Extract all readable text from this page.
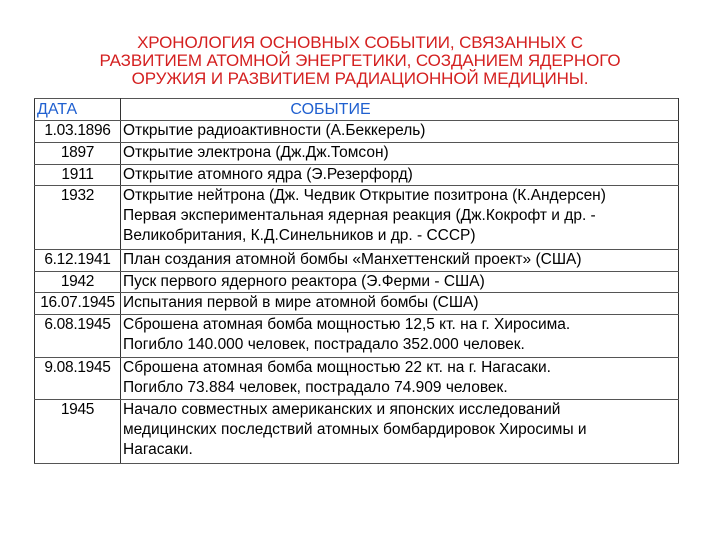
ХРОНОЛОГИЯ ОСНОВНЫХ СОБЫТИИ, СВЯЗАННЫХ С
РАЗВИТИЕМ АТОМНОЙ ЭНЕРГЕТИКИ, СОЗДАНИЕМ ЯДЕРНОГО
ОРУЖИЯ И РАЗВИТИЕМ РАДИАЦИОННОЙ МЕДИЦИНЫ.
ДАТА	СОБЫТИЕ
1.03.1896	Открытие радиоактивности (А.Беккерель)

1897	Открытие электрона (Дж.Дж.Томсон)

1911	Открытие атомного ядра (Э.Резерфорд)

1932	Открытие нейтрона (Дж. Чедвик Открытие позитрона (К.Андерсен)
Первая экспериментальная ядерная реакция (Дж.Кокрофт и др. -
Великобритания, К.Д.Синельников и др. - СССР)

6.12.1941	План создания атомной бомбы «Манхеттенский проект» (США)

1942	Пуск первого ядерного реактора (Э.Ферми - США)

16.07.1945	Испытания первой в мире атомной бомбы (США)

6.08.1945	Сброшена атомная бомба мощностью 12,5 кт. на г. Хиросима.
Погибло 140.000 человек, пострадало 352.000 человек.

9.08.1945	Сброшена атомная бомба мощностью 22 кт. на г. Нагасаки.
Погибло 73.884 человек, пострадало 74.909 человек.

1945	Начало совместных американских и японских исследований
медицинских последствий атомных бомбардировок Хиросимы и
Нагасаки.
